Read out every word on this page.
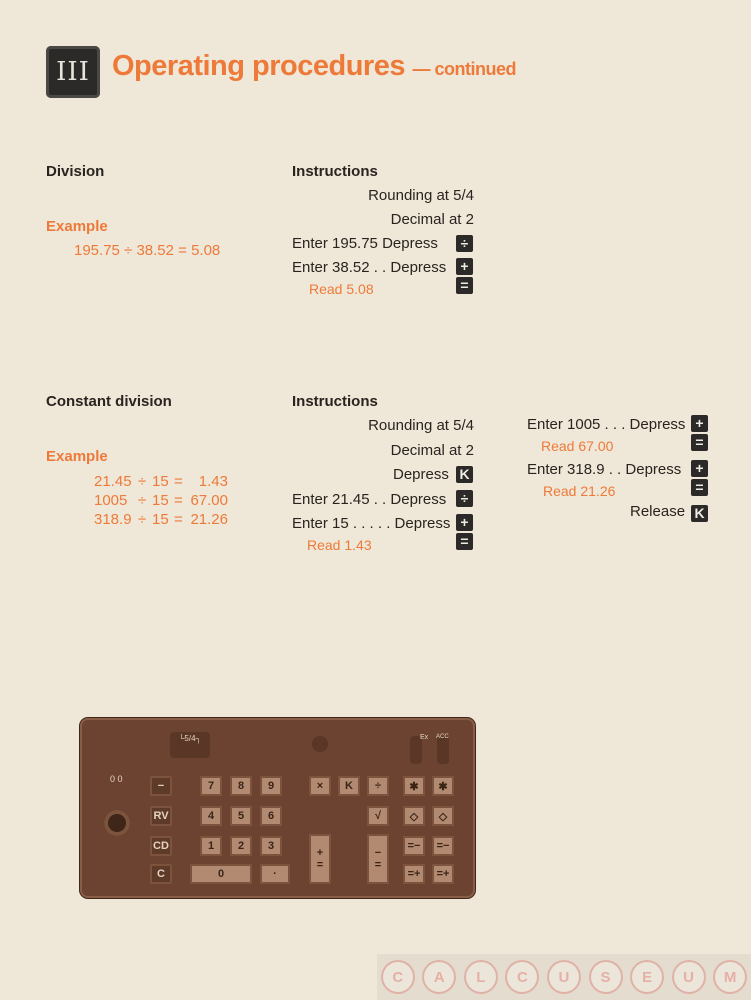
III Operating procedures — continued
Division
Example
195.75 ÷ 38.52 = 5.08
Instructions
Rounding at 5/4
Decimal at 2
Enter 195.75 Depress	÷
Enter 38.52 . . Depress	+
=
Read 5.08
Constant division
Example
21.45 ÷ 15 =	1.43
1005 ÷ 15 = 67.00
318.9 ÷ 15 = 21.26
Instructions
Rounding at 5/4
Decimal at 2
Depress K
Enter 21.45 . . Depress	÷
Enter 15 . . . . . Depress +
=
Read 1.43
Enter 1005 . . . Depress +
=
Read 67.00
Enter 318.9 . . Depress	+
=
Read 21.26
Release K
└5/4┐	Ex ACC
0 0
−	7	8	9	×	K	÷	✱	✱
RV	4	5	6	√	◇	◇
CD	1	2	3	=−	=−
C	0	·	=+	=+
+
=
−
=
C	A	L	C	U	S	E	U	M
